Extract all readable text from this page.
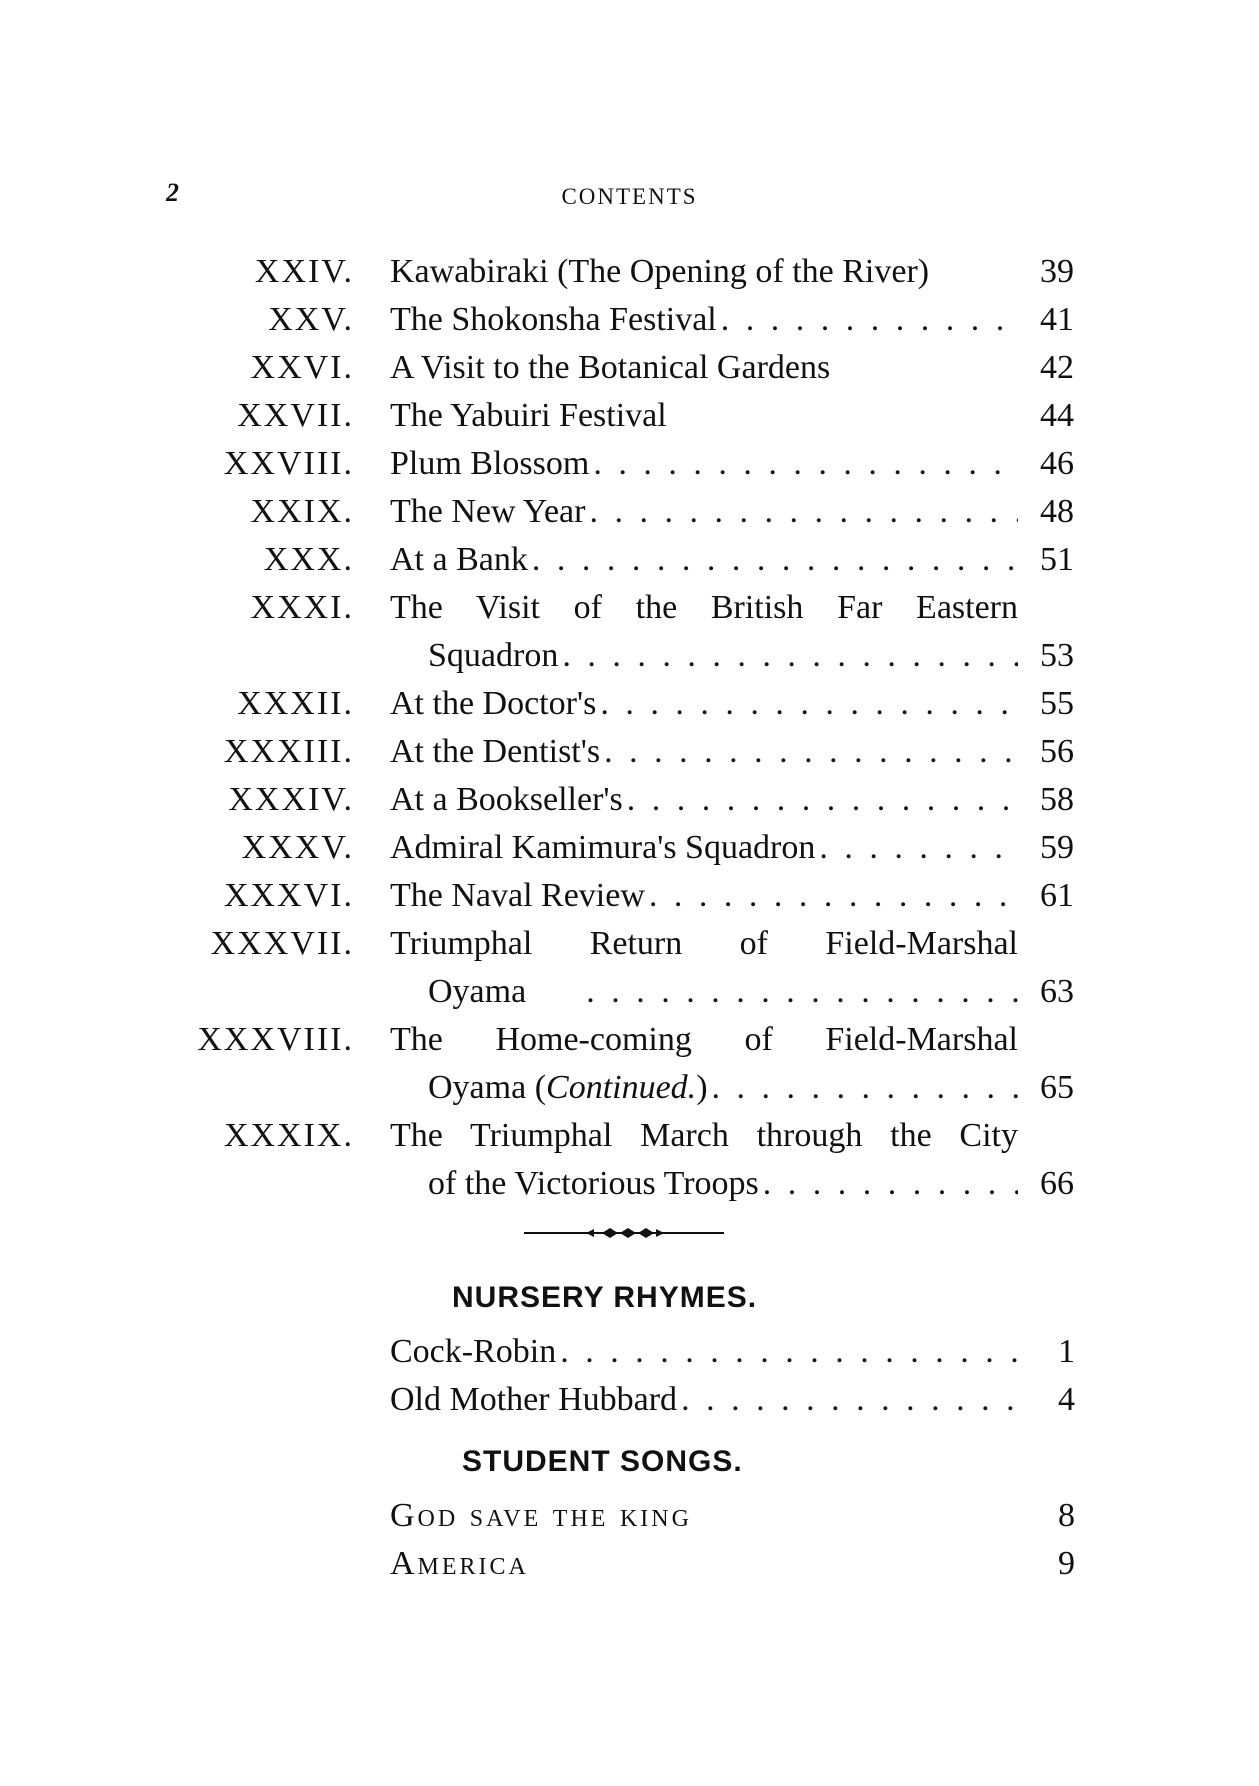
2	CONTENTS
XXIV. Kawabiraki (The Opening of the River)	39
XXV. The Shokonsha Festival . . .	41
XXVI. A Visit to the Botanical Gardens	42
XXVII. The Yabuiri Festival	44
XXVIII. Plum Blossom . . .	46
XXIX. The New Year . . .	48
XXX. At a Bank . . .	51
XXXI. The Visit of the British Far Eastern
Squadron . . .	53
XXXII. At the Doctor's . . .	55
XXXIII. At the Dentist's . . .	56
XXXIV. At a Bookseller's . . .	58
XXXV. Admiral Kamimura's Squadron . . .	59
XXXVI. The Naval Review . . .	61
XXXVII. Triumphal Return of Field-Marshal
Oyama . . .	63
XXXVIII. The Home-coming of Field-Marshal
Oyama (Continued.) . . .	65
XXXIX. The Triumphal March through the City
of the Victorious Troops . . .	66
NURSERY RHYMES.
Cock-Robin . . .	1
Old Mother Hubbard . . .	4
STUDENT SONGS.
God save the king	8
America	9
